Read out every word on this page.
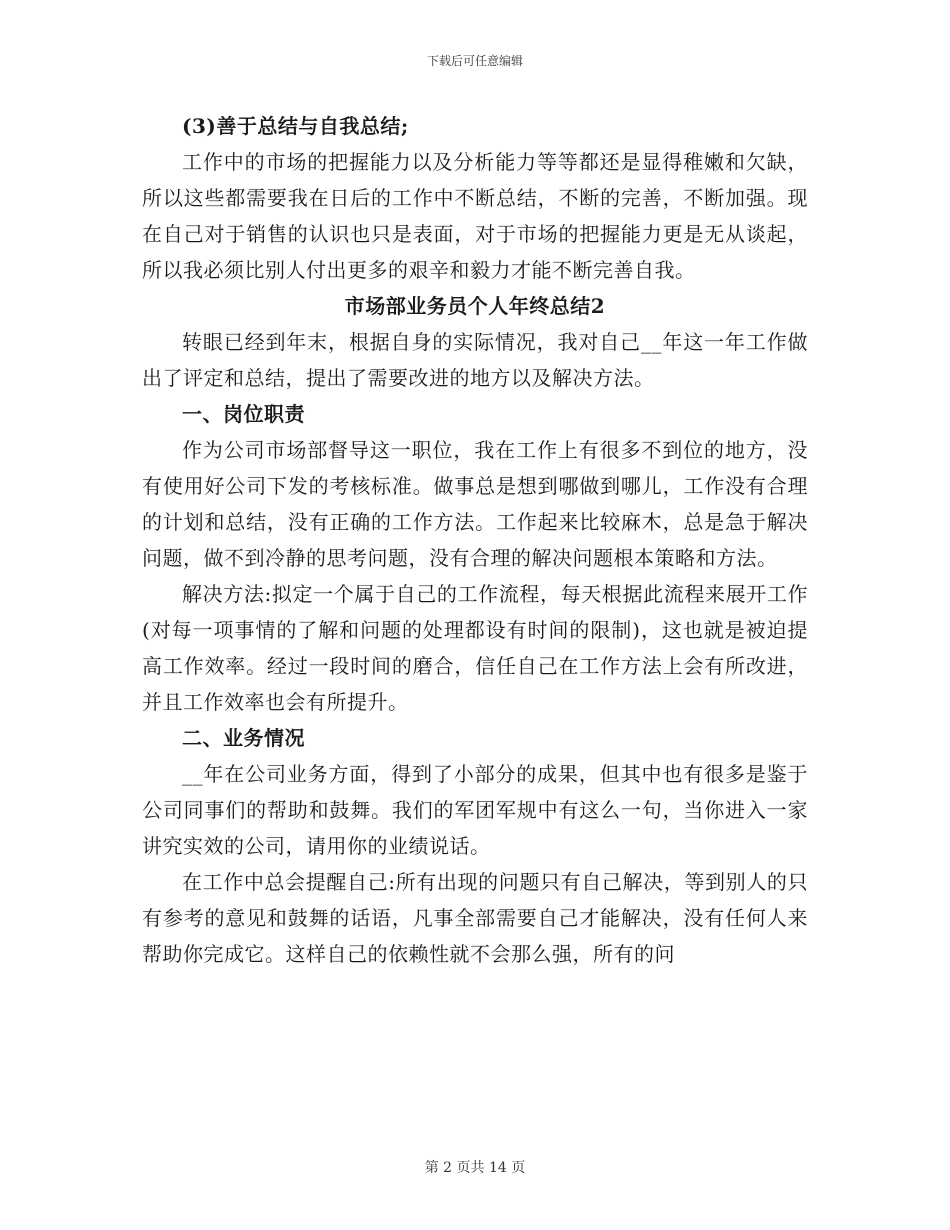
下载后可任意编辑

(3)善于总结与自我总结;

工作中的市场的把握能力以及分析能力等等都还是显得稚嫩和欠缺，所以这些都需要我在日后的工作中不断总结，不断的完善，不断加强。现在自己对于销售的认识也只是表面，对于市场的把握能力更是无从谈起，所以我必须比别人付出更多的艰辛和毅力才能不断完善自我。

市场部业务员个人年终总结2

转眼已经到年末，根据自身的实际情况，我对自己__年这一年工作做出了评定和总结，提出了需要改进的地方以及解决方法。

一、岗位职责

作为公司市场部督导这一职位，我在工作上有很多不到位的地方，没有使用好公司下发的考核标准。做事总是想到哪做到哪儿，工作没有合理的计划和总结，没有正确的工作方法。工作起来比较麻木，总是急于解决问题，做不到冷静的思考问题，没有合理的解决问题根本策略和方法。

解决方法:拟定一个属于自己的工作流程，每天根据此流程来展开工作(对每一项事情的了解和问题的处理都设有时间的限制)，这也就是被迫提高工作效率。经过一段时间的磨合，信任自己在工作方法上会有所改进，并且工作效率也会有所提升。

二、业务情况

__年在公司业务方面，得到了小部分的成果，但其中也有很多是鉴于公司同事们的帮助和鼓舞。我们的军团军规中有这么一句，当你进入一家讲究实效的公司，请用你的业绩说话。

在工作中总会提醒自己:所有出现的问题只有自己解决，等到别人的只有参考的意见和鼓舞的话语，凡事全部需要自己才能解决，没有任何人来帮助你完成它。这样自己的依赖性就不会那么强，所有的问

第 2 页共 14 页
